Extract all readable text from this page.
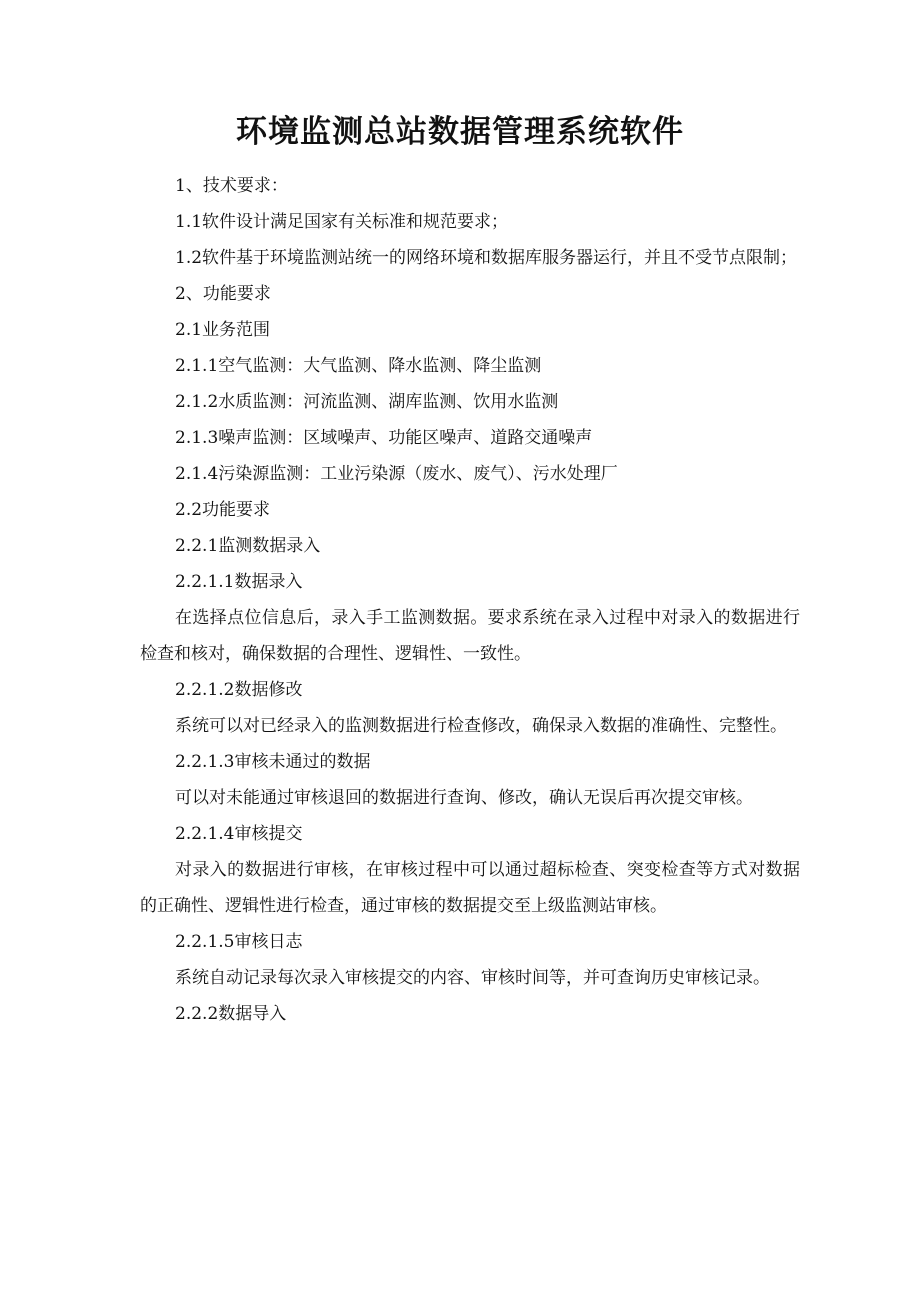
环境监测总站数据管理系统软件

1、技术要求：

1.1软件设计满足国家有关标准和规范要求；

1.2软件基于环境监测站统一的网络环境和数据库服务器运行，并且不受节点限制；

2、功能要求

2.1业务范围

2.1.1空气监测：大气监测、降水监测、降尘监测

2.1.2水质监测：河流监测、湖库监测、饮用水监测

2.1.3噪声监测：区域噪声、功能区噪声、道路交通噪声

2.1.4污染源监测：工业污染源（废水、废气）、污水处理厂

2.2功能要求

2.2.1监测数据录入

2.2.1.1数据录入

在选择点位信息后，录入手工监测数据。要求系统在录入过程中对录入的数据进行检查和核对，确保数据的合理性、逻辑性、一致性。

2.2.1.2数据修改

系统可以对已经录入的监测数据进行检查修改，确保录入数据的准确性、完整性。

2.2.1.3审核未通过的数据

可以对未能通过审核退回的数据进行查询、修改，确认无误后再次提交审核。

2.2.1.4审核提交

对录入的数据进行审核，在审核过程中可以通过超标检查、突变检查等方式对数据的正确性、逻辑性进行检查，通过审核的数据提交至上级监测站审核。

2.2.1.5审核日志

系统自动记录每次录入审核提交的内容、审核时间等，并可查询历史审核记录。

2.2.2数据导入
